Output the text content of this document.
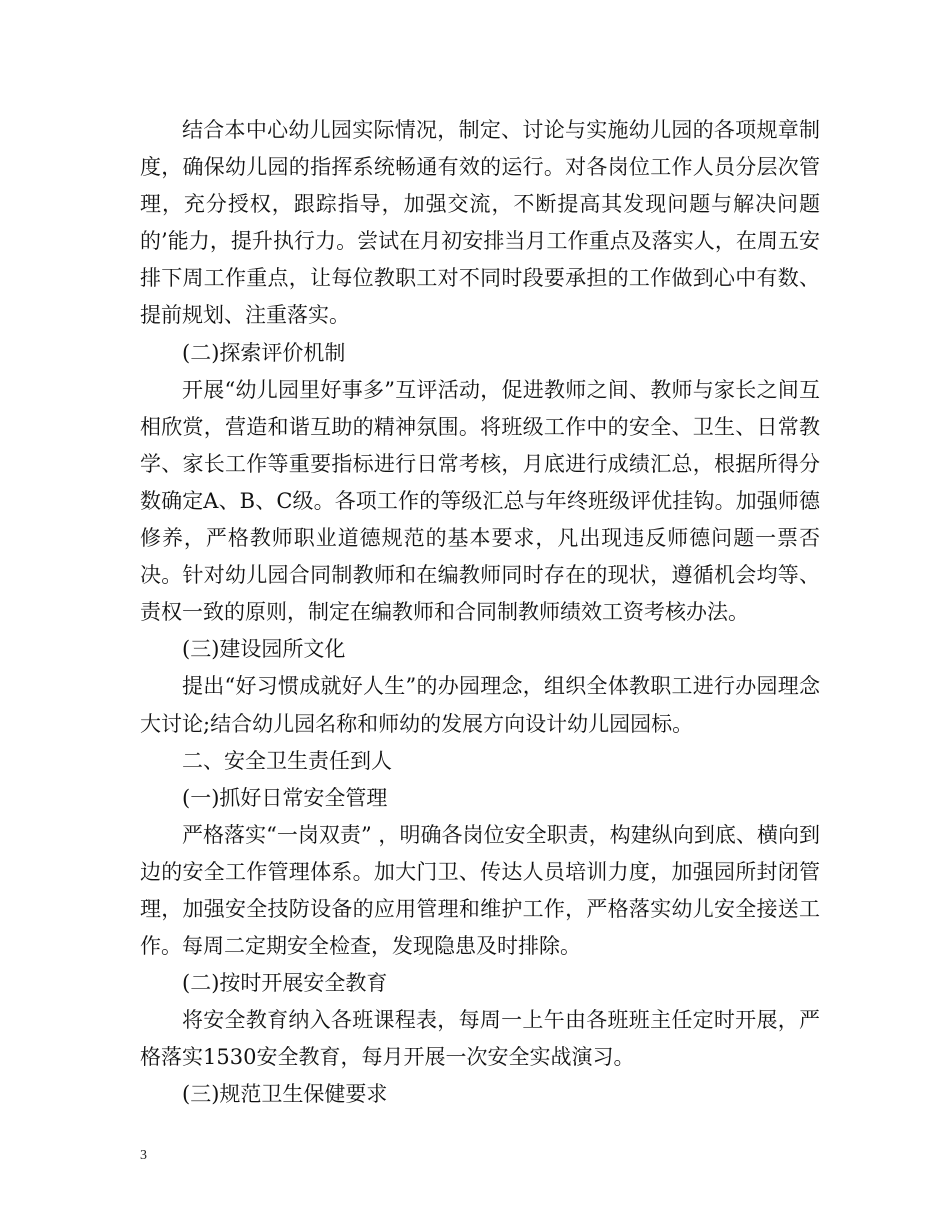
结合本中心幼儿园实际情况，制定、讨论与实施幼儿园的各项规章制度，确保幼儿园的指挥系统畅通有效的运行。对各岗位工作人员分层次管理，充分授权，跟踪指导，加强交流，不断提高其发现问题与解决问题的’能力，提升执行力。尝试在月初安排当月工作重点及落实人，在周五安排下周工作重点，让每位教职工对不同时段要承担的工作做到心中有数、提前规划、注重落实。

(二)探索评价机制

开展“幼儿园里好事多”互评活动，促进教师之间、教师与家长之间互相欣赏，营造和谐互助的精神氛围。将班级工作中的安全、卫生、日常教学、家长工作等重要指标进行日常考核，月底进行成绩汇总，根据所得分数确定A、B、C级。各项工作的等级汇总与年终班级评优挂钩。加强师德修养，严格教师职业道德规范的基本要求，凡出现违反师德问题一票否决。针对幼儿园合同制教师和在编教师同时存在的现状，遵循机会均等、责权一致的原则，制定在编教师和合同制教师绩效工资考核办法。

(三)建设园所文化

提出“好习惯成就好人生”的办园理念，组织全体教职工进行办园理念大讨论;结合幼儿园名称和师幼的发展方向设计幼儿园园标。

二、安全卫生责任到人

(一)抓好日常安全管理

严格落实“一岗双责” ，明确各岗位安全职责，构建纵向到底、横向到边的安全工作管理体系。加大门卫、传达人员培训力度，加强园所封闭管理，加强安全技防设备的应用管理和维护工作，严格落实幼儿安全接送工作。每周二定期安全检查，发现隐患及时排除。

(二)按时开展安全教育

将安全教育纳入各班课程表，每周一上午由各班班主任定时开展，严格落实1530安全教育，每月开展一次安全实战演习。

(三)规范卫生保健要求

3
